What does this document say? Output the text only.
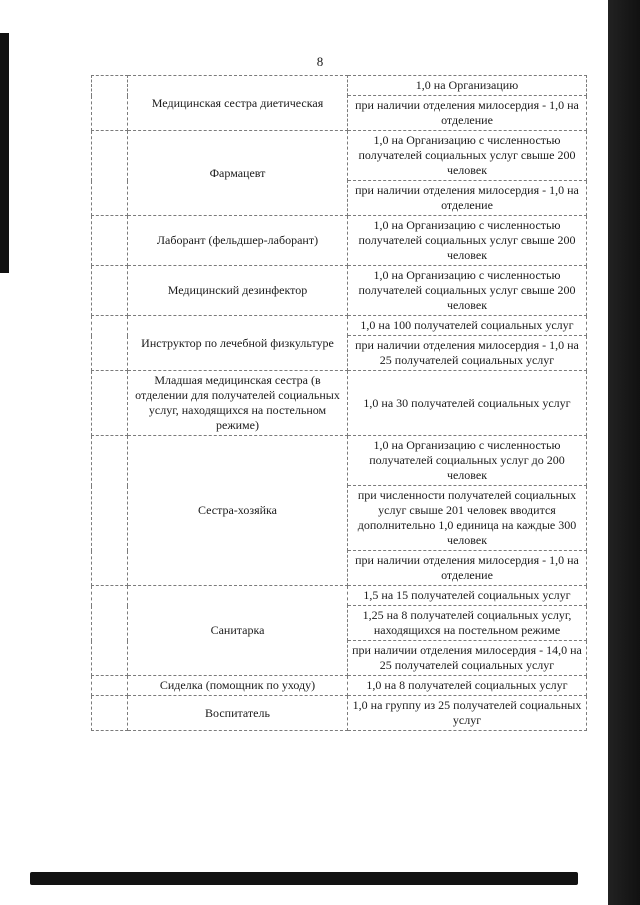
8
	Медицинская сестра диетическая	1,0 на Организацию
		при наличии отделения милосердия - 1,0 на отделение
	Фармацевт	1,0 на Организацию с численностью получателей социальных услуг свыше 200 человек
		при наличии отделения милосердия - 1,0 на отделение
	Лаборант (фельдшер-лаборант)	1,0 на Организацию с численностью получателей социальных услуг свыше 200 человек
	Медицинский дезинфектор	1,0 на Организацию с численностью получателей социальных услуг свыше 200 человек
	Инструктор по лечебной физкультуре	1,0 на 100 получателей социальных услуг
		при наличии отделения милосердия - 1,0 на 25 получателей социальных услуг
	Младшая медицинская сестра (в отделении для получателей социальных услуг, находящихся на постельном режиме)	1,0 на 30 получателей социальных услуг
	Сестра-хозяйка	1,0 на Организацию с численностью получателей социальных услуг до 200 человек
		при численности получателей социальных услуг свыше 201 человек вводится дополнительно 1,0 единица на каждые 300 человек
		при наличии отделения милосердия - 1,0 на отделение
	Санитарка	1,5 на 15 получателей социальных услуг
		1,25 на 8 получателей социальных услуг, находящихся на постельном режиме
		при наличии отделения милосердия - 14,0 на 25 получателей социальных услуг
	Сиделка (помощник по уходу)	1,0 на 8 получателей социальных услуг
	Воспитатель	1,0 на группу из 25 получателей социальных услуг
